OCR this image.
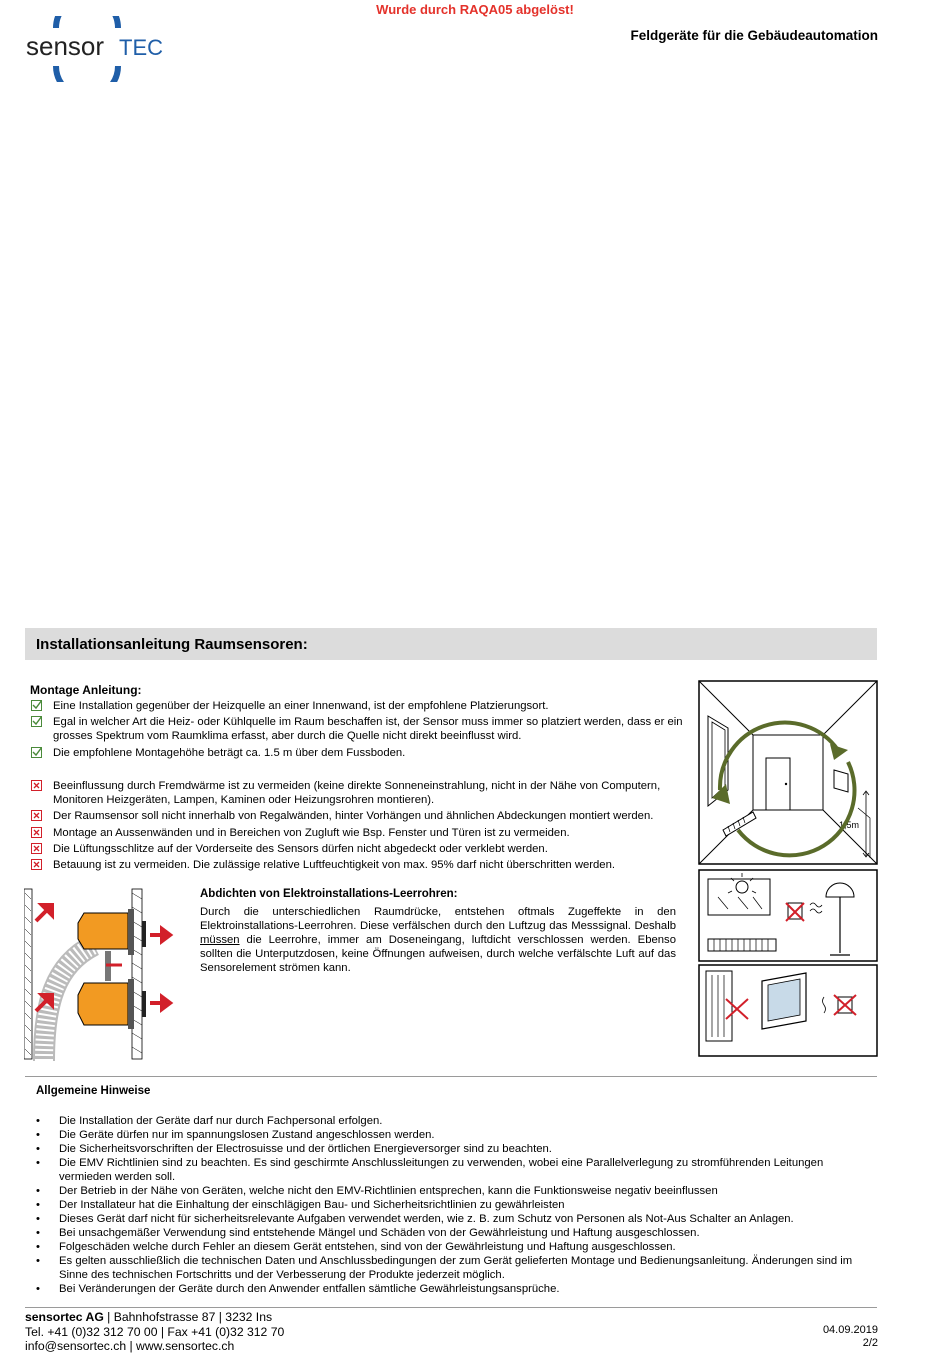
Wurde durch RAQA05 abgelöst!
sensor TEC	Feldgeräte für die Gebäudeautomation
Installationsanleitung Raumsensoren:
Montage Anleitung:
Eine Installation gegenüber der Heizquelle an einer Innenwand, ist der empfohlene Platzierungsort.
Egal in welcher Art die Heiz- oder Kühlquelle im Raum beschaffen ist, der Sensor muss immer so platziert werden, dass er ein grosses Spektrum vom Raumklima erfasst, aber durch die Quelle nicht direkt beeinflusst wird.
Die empfohlene Montagehöhe beträgt ca. 1.5 m über dem Fussboden.
Beeinflussung durch Fremdwärme ist zu vermeiden (keine direkte Sonneneinstrahlung, nicht in der Nähe von Computern, Monitoren Heizgeräten, Lampen, Kaminen oder Heizungsrohren montieren).
Der Raumsensor soll nicht innerhalb von Regalwänden, hinter Vorhängen und ähnlichen Abdeckungen montiert werden.
Montage an Aussenwänden und in Bereichen von Zugluft wie Bsp. Fenster und Türen ist zu vermeiden.
Die Lüftungsschlitze auf der Vorderseite des Sensors dürfen nicht abgedeckt oder verklebt werden.
Betauung ist zu vermeiden. Die zulässige relative Luftfeuchtigkeit von max. 95% darf nicht überschritten werden.
1,5m
Abdichten von Elektroinstallations-Leerrohren:
Durch die unterschiedlichen Raumdrücke, entstehen oftmals Zugeffekte in den Elektroinstallations-Leerrohren. Diese verfälschen durch den Luftzug das Messsignal. Deshalb müssen die Leerrohre, immer am Doseneingang, luftdicht verschlossen werden. Ebenso sollten die Unterputzdosen, keine Öffnungen aufweisen, durch welche verfälschte Luft auf das Sensorelement strömen kann.
Allgemeine Hinweise
• Die Installation der Geräte darf nur durch Fachpersonal erfolgen.
• Die Geräte dürfen nur im spannungslosen Zustand angeschlossen werden.
• Die Sicherheitsvorschriften der Electrosuisse und der örtlichen Energieversorger sind zu beachten.
• Die EMV Richtlinien sind zu beachten. Es sind geschirmte Anschlussleitungen zu verwenden, wobei eine Parallelverlegung zu stromführenden Leitungen vermieden werden soll.
• Der Betrieb in der Nähe von Geräten, welche nicht den EMV-Richtlinien entsprechen, kann die Funktionsweise negativ beeinflussen
• Der Installateur hat die Einhaltung der einschlägigen Bau- und Sicherheitsrichtlinien zu gewährleisten
• Dieses Gerät darf nicht für sicherheitsrelevante Aufgaben verwendet werden, wie z. B. zum Schutz von Personen als Not-Aus Schalter an Anlagen.
• Bei unsachgemäßer Verwendung sind entstehende Mängel und Schäden von der Gewährleistung und Haftung ausgeschlossen.
• Folgeschäden welche durch Fehler an diesem Gerät entstehen, sind von der Gewährleistung und Haftung ausgeschlossen.
• Es gelten ausschließlich die technischen Daten und Anschlussbedingungen der zum Gerät gelieferten Montage und Bedienungsanleitung. Änderungen sind im Sinne des technischen Fortschritts und der Verbesserung der Produkte jederzeit möglich.
• Bei Veränderungen der Geräte durch den Anwender entfallen sämtliche Gewährleistungsansprüche.
sensortec AG | Bahnhofstrasse 87 | 3232 Ins
Tel. +41 (0)32 312 70 00 | Fax +41 (0)32 312 70
info@sensortec.ch | www.sensortec.ch
04.09.2019
2/2
